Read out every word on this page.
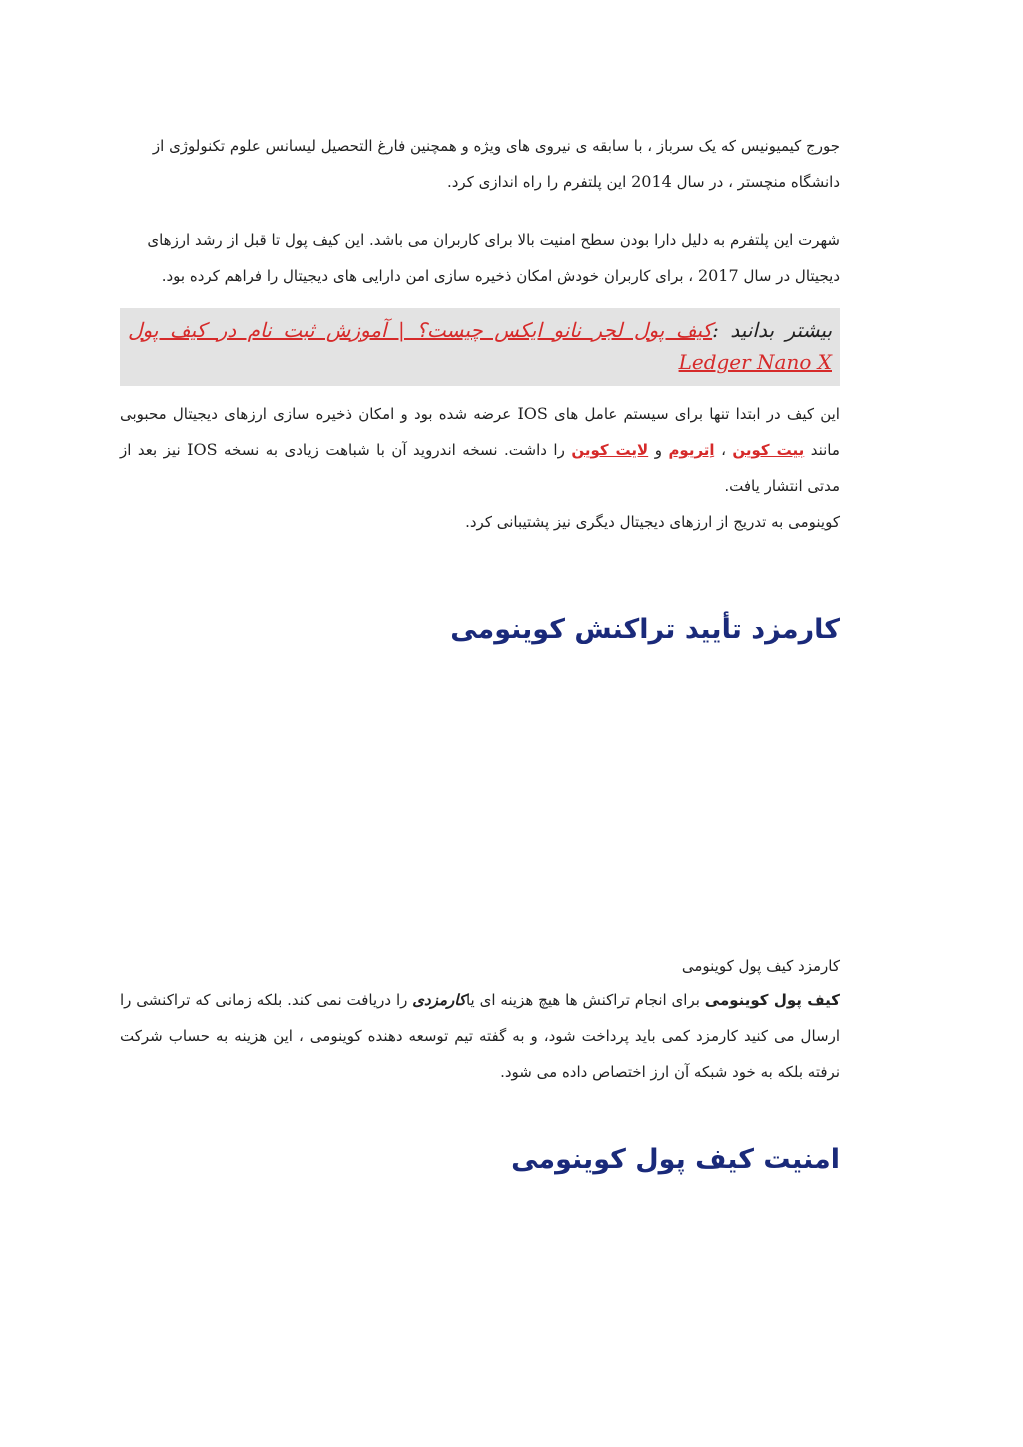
جورج کیمیونیس که یک سرباز ، با سابقه ی نیروی های ویژه و همچنین فارغ التحصیل لیسانس علوم تکنولوژی از
دانشگاه منچستر ، در سال 2014 این پلتفرم را راه اندازی کرد.

شهرت این پلتفرم به دلیل دارا بودن سطح امنیت بالا برای کاربران می باشد. این کیف پول تا قبل از رشد ارزهای
دیجیتال در سال 2017 ، برای کاربران خودش امکان ذخیره سازی امن دارایی های دیجیتال را فراهم کرده بود.

بیشتر بدانید :کیف پول لجر نانو ایکس چیست؟ | آموزش ثبت نام در کیف پول Ledger Nano X

این کیف در ابتدا تنها برای سیستم عامل های IOS عرضه شده بود و امکان ذخیره سازی ارزهای دیجیتال محبوبی مانند بیت کوین ، اِتریوم و لایت کوین را داشت. نسخه اندروید آن با شباهت زیادی به نسخه IOS نیز بعد از مدتی انتشار یافت.

کوینومی به تدریج از ارزهای دیجیتال دیگری نیز پشتیبانی کرد.

کارمزد تأیید تراکنش کوینومی

کارمزد کیف پول کوینومی

کیف پول کوینومی برای انجام تراکنش ها هیچ هزینه ای یاکارمزدی را دریافت نمی کند. بلکه زمانی که تراکنشی را ارسال می کنید کارمزد کمی باید پرداخت شود، و به گفته تیم توسعه دهنده کوینومی ، این هزینه به حساب شرکت نرفته بلکه به خود شبکه آن ارز اختصاص داده می شود.

امنیت کیف پول کوینومی
